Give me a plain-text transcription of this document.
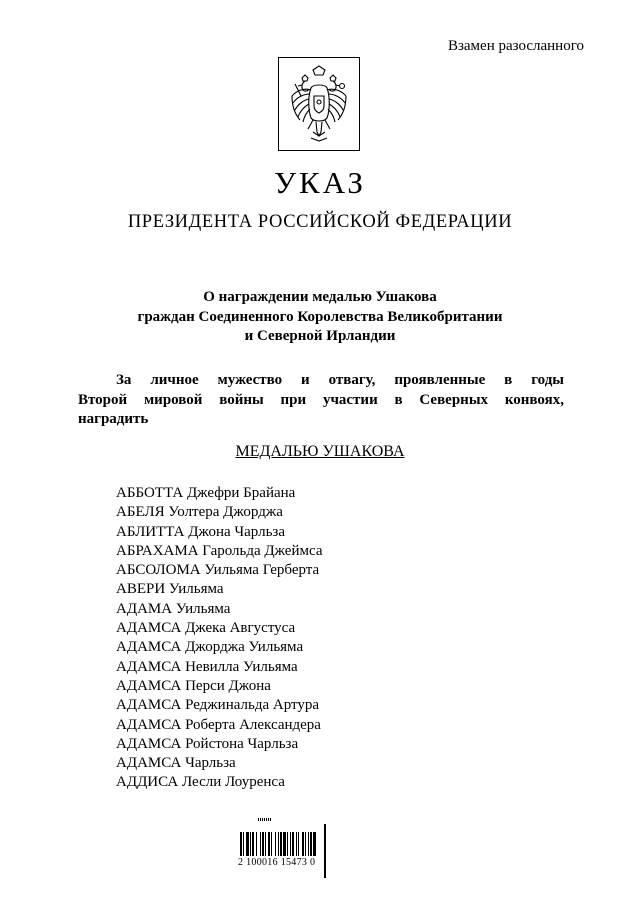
Взамен разосланного
УКАЗ
ПРЕЗИДЕНТА РОССИЙСКОЙ ФЕДЕРАЦИИ
О награждении медалью Ушакова
граждан Соединенного Королевства Великобритании
и Северной Ирландии
За личное мужество и отвагу, проявленные в годы
Второй мировой войны при участии в Северных конвоях,
наградить
МЕДАЛЬЮ УШАКОВА
АББОТТА Джефри Брайана
АБЕЛЯ Уолтера Джорджа
АБЛИТТА Джона Чарльза
АБРАХАМА Гарольда Джеймса
АБСОЛОМА Уильяма Герберта
АВЕРИ Уильяма
АДАМА Уильяма
АДАМСА Джека Августуса
АДАМСА Джорджа Уильяма
АДАМСА Невилла Уильяма
АДАМСА Перси Джона
АДАМСА Реджинальда Артура
АДАМСА Роберта Александера
АДАМСА Ройстона Чарльза
АДАМСА Чарльза
АДДИСА Лесли Лоуренса
2 100016 15473 0
